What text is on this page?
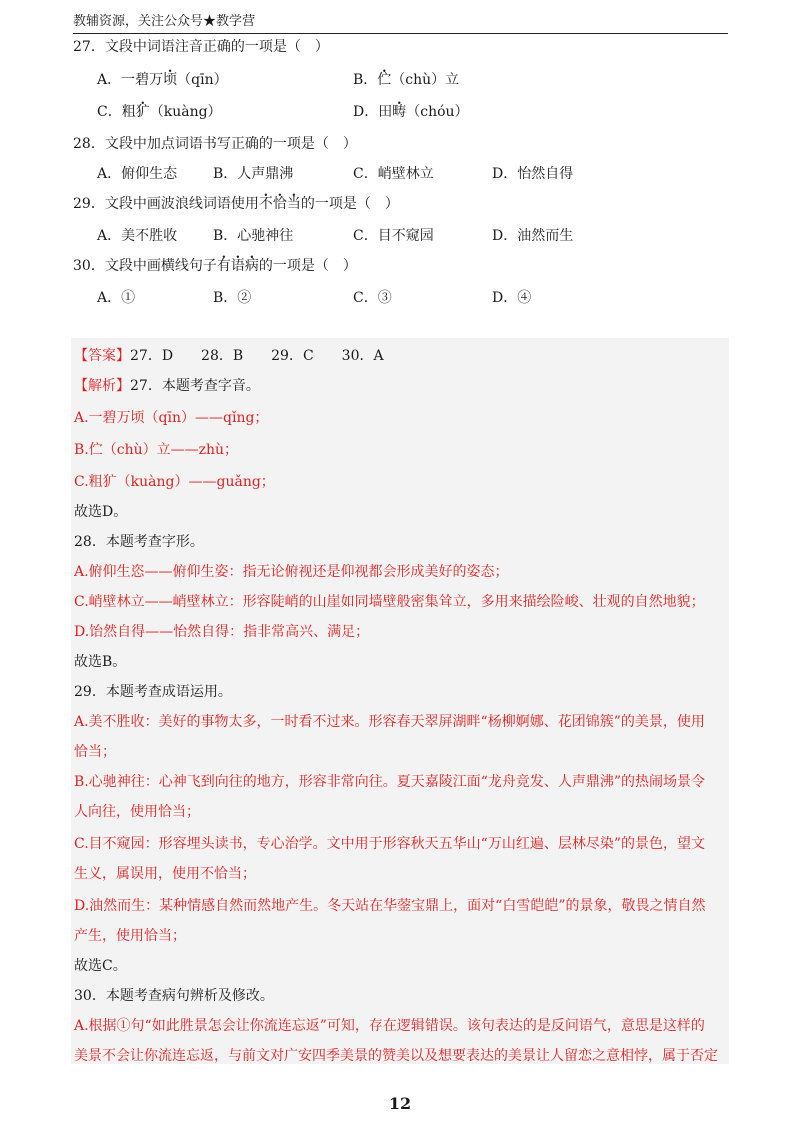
教辅资源，关注公众号★教学营
27．文段中词语注音正确的一项是（　）
A．一碧万顷（qīn）	B．伫（chù）立
C．粗犷（kuàng）	D．田畴（chóu）
28．文段中加点词语书写正确的一项是（　）
A．俯仰生态	B．人声鼎沸	C．峭壁林立	D．怡然自得
29．文段中画波浪线词语使用不恰当的一项是（　）
A．美不胜收	B．心驰神往	C．目不窥园	D．油然而生
30．文段中画横线句子有语病的一项是（　）
A．①	B．②	C．③	D．④
【答案】27．D　　28．B　　29．C　　30．A
【解析】27．本题考查字音。
A.一碧万顷（qīn）——qǐng；
B.伫（chù）立——zhù；
C.粗犷（kuàng）——guǎng；
故选D。
28．本题考查字形。
A.俯仰生恣——俯仰生姿：指无论俯视还是仰视都会形成美好的姿态；
C.峭壁林立——峭壁林立：形容陡峭的山崖如同墙壁般密集耸立，多用来描绘险峻、壮观的自然地貌；
D.饴然自得——怡然自得：指非常高兴、满足；
故选B。
29．本题考查成语运用。
A.美不胜收：美好的事物太多，一时看不过来。形容春天翠屏湖畔“杨柳婀娜、花团锦簇”的美景，使用
恰当；
B.心驰神往：心神飞到向往的地方，形容非常向往。夏天嘉陵江面“龙舟竞发、人声鼎沸”的热闹场景令
人向往，使用恰当；
C.目不窥园：形容埋头读书，专心治学。文中用于形容秋天五华山“万山红遍、层林尽染”的景色，望文
生义，属误用，使用不恰当；
D.油然而生：某种情感自然而然地产生。冬天站在华蓥宝鼎上，面对“白雪皑皑”的景象，敬畏之情自然
产生，使用恰当；
故选C。
30．本题考查病句辨析及修改。
A.根据①句“如此胜景怎会让你流连忘返”可知，存在逻辑错误。该句表达的是反问语气，意思是这样的
美景不会让你流连忘返，与前文对广安四季美景的赞美以及想要表达的美景让人留恋之意相悖，属于否定
12
